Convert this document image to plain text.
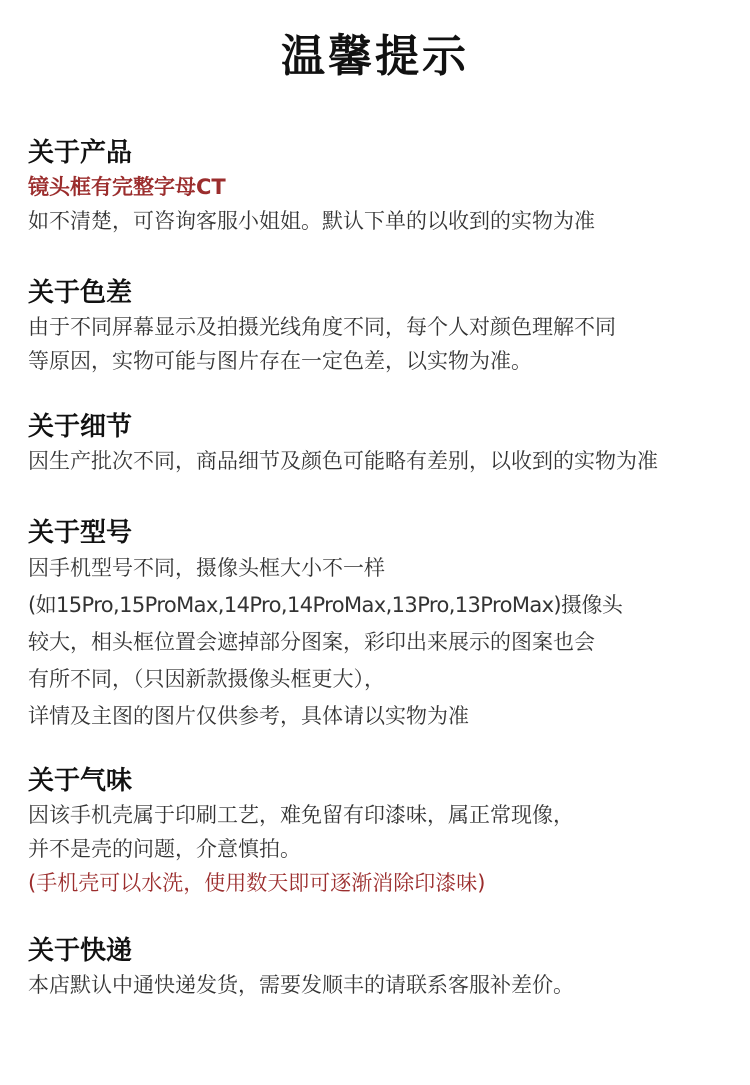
温馨提示
关于产品

镜头框有完整字母CT

如不清楚，可咨询客服小姐姐。默认下单的以收到的实物为准

关于色差

由于不同屏幕显示及拍摄光线角度不同，每个人对颜色理解不同

等原因，实物可能与图片存在一定色差，以实物为准。

关于细节

因生产批次不同，商品细节及颜色可能略有差别，以收到的实物为准

关于型号

因手机型号不同，摄像头框大小不一样

(如15Pro,15ProMax,14Pro,14ProMax,13Pro,13ProMax)摄像头

较大，相头框位置会遮掉部分图案，彩印出来展示的图案也会

有所不同，（只因新款摄像头框更大），

详情及主图的图片仅供参考，具体请以实物为准

关于气味

因该手机壳属于印刷工艺，难免留有印漆味，属正常现像，

并不是壳的问题，介意慎拍。

(手机壳可以水洗，使用数天即可逐渐消除印漆味)

关于快递

本店默认中通快递发货，需要发顺丰的请联系客服补差价。
